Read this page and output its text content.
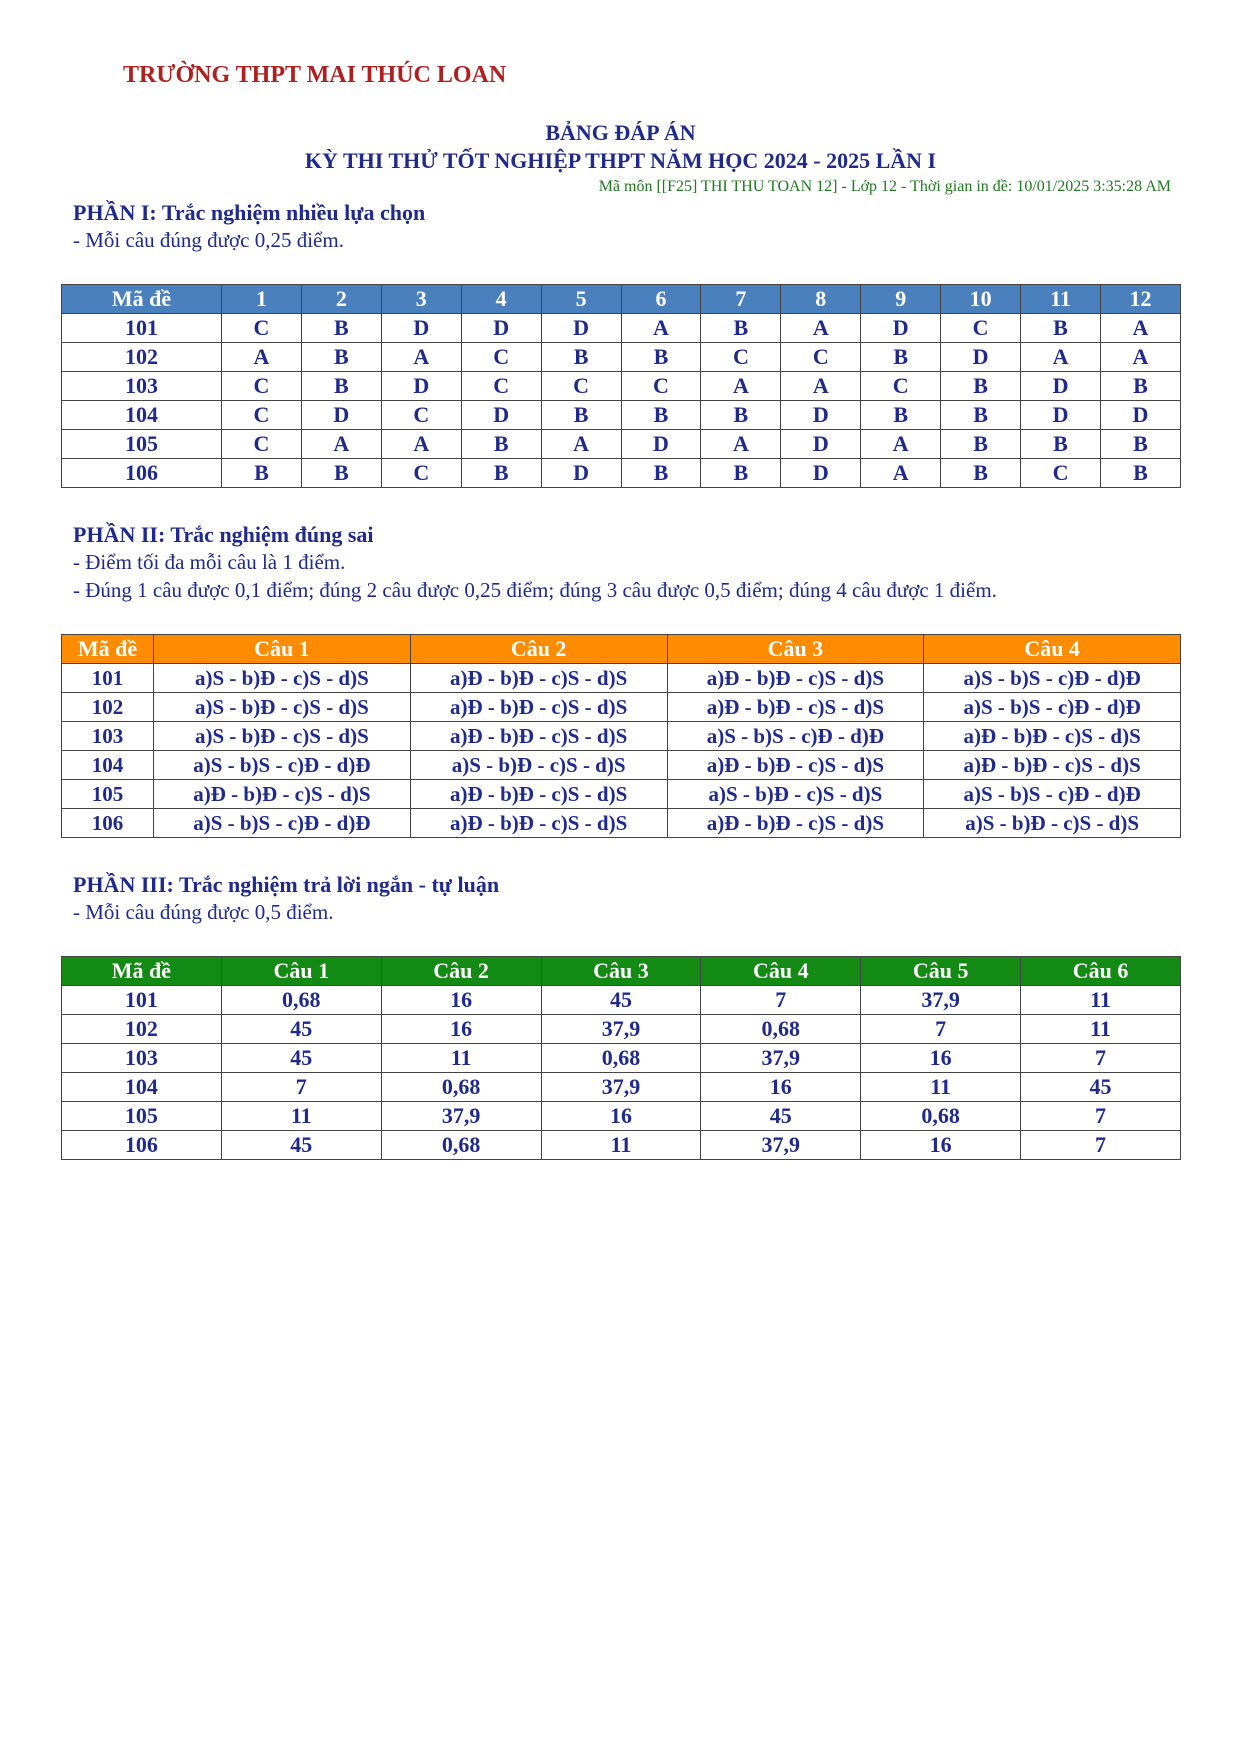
TRƯỜNG THPT MAI THÚC LOAN
BẢNG ĐÁP ÁN
KỲ THI THỬ TỐT NGHIỆP THPT NĂM HỌC 2024 - 2025 LẦN I
Mã môn [[F25] THI THU TOAN 12] - Lớp 12 - Thời gian in đề: 10/01/2025 3:35:28 AM
PHẦN I: Trắc nghiệm nhiều lựa chọn
- Mỗi câu đúng được 0,25 điểm.
Mã đề	1	2	3	4	5	6	7	8	9	10	11	12
101	C	B	D	D	D	A	B	A	D	C	B	A
102	A	B	A	C	B	B	C	C	B	D	A	A
103	C	B	D	C	C	C	A	A	C	B	D	B
104	C	D	C	D	B	B	B	D	B	B	D	D
105	C	A	A	B	A	D	A	D	A	B	B	B
106	B	B	C	B	D	B	B	D	A	B	C	B
PHẦN II: Trắc nghiệm đúng sai
- Điểm tối đa mỗi câu là 1 điểm.
- Đúng 1 câu được 0,1 điểm; đúng 2 câu được 0,25 điểm; đúng 3 câu được 0,5 điểm; đúng 4 câu được 1 điểm.
Mã đề	Câu 1	Câu 2	Câu 3	Câu 4
101	a)S - b)Đ - c)S - d)S	a)Đ - b)Đ - c)S - d)S	a)Đ - b)Đ - c)S - d)S	a)S - b)S - c)Đ - d)Đ
102	a)S - b)Đ - c)S - d)S	a)Đ - b)Đ - c)S - d)S	a)Đ - b)Đ - c)S - d)S	a)S - b)S - c)Đ - d)Đ
103	a)S - b)Đ - c)S - d)S	a)Đ - b)Đ - c)S - d)S	a)S - b)S - c)Đ - d)Đ	a)Đ - b)Đ - c)S - d)S
104	a)S - b)S - c)Đ - d)Đ	a)S - b)Đ - c)S - d)S	a)Đ - b)Đ - c)S - d)S	a)Đ - b)Đ - c)S - d)S
105	a)Đ - b)Đ - c)S - d)S	a)Đ - b)Đ - c)S - d)S	a)S - b)Đ - c)S - d)S	a)S - b)S - c)Đ - d)Đ
106	a)S - b)S - c)Đ - d)Đ	a)Đ - b)Đ - c)S - d)S	a)Đ - b)Đ - c)S - d)S	a)S - b)Đ - c)S - d)S
PHẦN III: Trắc nghiệm trả lời ngắn - tự luận
- Mỗi câu đúng được 0,5 điểm.
Mã đề	Câu 1	Câu 2	Câu 3	Câu 4	Câu 5	Câu 6
101	0,68	16	45	7	37,9	11
102	45	16	37,9	0,68	7	11
103	45	11	0,68	37,9	16	7
104	7	0,68	37,9	16	11	45
105	11	37,9	16	45	0,68	7
106	45	0,68	11	37,9	16	7
